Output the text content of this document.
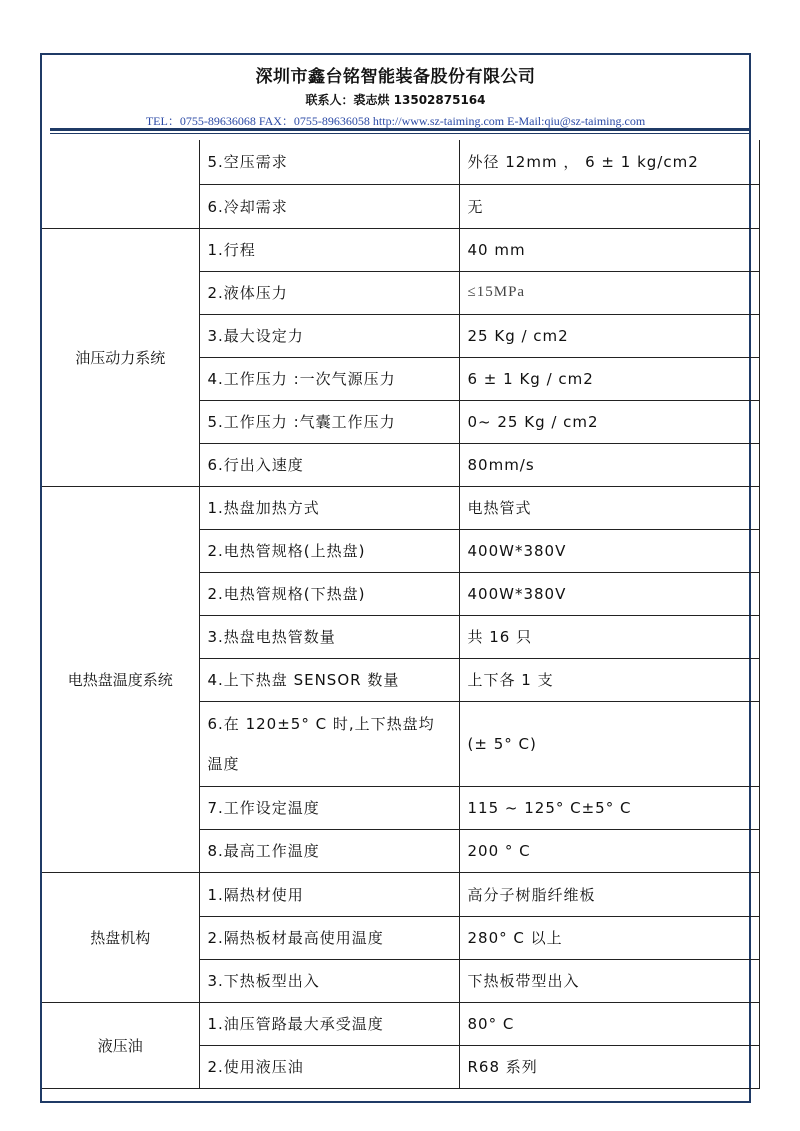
深圳市鑫台铭智能装备股份有限公司
联系人：裘志烘 13502875164
TEL：0755-89636068 FAX：0755-89636058 http://www.sz-taiming.com E-Mail:qiu@sz-taiming.com
	5.空压需求	外径 12mm ， 6 ± 1 kg/cm2
	6.冷却需求	无
油压动力系统	1.行程	40 mm
	2.液体压力	≤15MPa
	3.最大设定力	25 Kg / cm2
	4.工作压力 :一次气源压力	6 ± 1 Kg / cm2
	5.工作压力 :气囊工作压力	0~ 25 Kg / cm2
	6.行出入速度	80mm/s
电热盘温度系统	1.热盘加热方式	电热管式
	2.电热管规格(上热盘)	400W*380V
	2.电热管规格(下热盘)	400W*380V
	3.热盘电热管数量	共 16 只
	4.上下热盘 SENSOR 数量	上下各 1 支
	6.在 120±5° C 时,上下热盘均温度	(± 5° C)
	7.工作设定温度	115 ~ 125° C±5° C
	8.最高工作温度	200 ° C
热盘机构	1.隔热材使用	高分子树脂纤维板
	2.隔热板材最高使用温度	280° C 以上
	3.下热板型出入	下热板带型出入
液压油	1.油压管路最大承受温度	80° C
	2.使用液压油	R68 系列
